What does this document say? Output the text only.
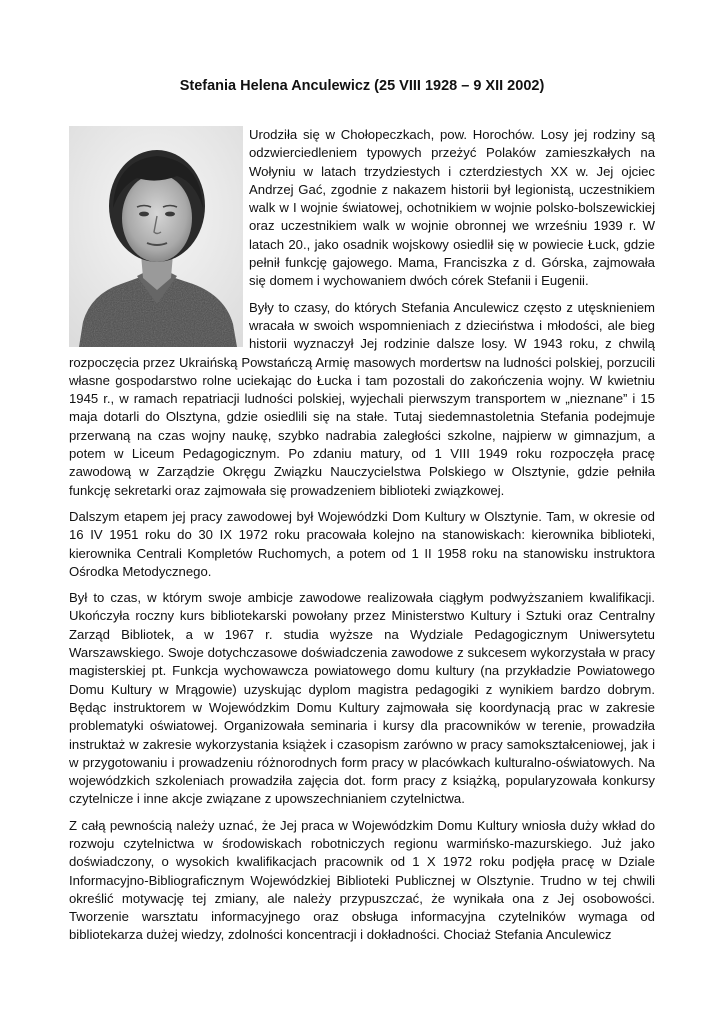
Stefania Helena Anculewicz (25 VIII 1928 – 9 XII 2002)

Urodziła się w Chołopeczkach, pow. Horochów. Losy jej rodziny są odzwierciedleniem typowych przeżyć Polaków zamieszkałych na Wołyniu w latach trzydziestych i czterdziestych XX w. Jej ojciec Andrzej Gać, zgodnie z nakazem historii był legionistą, uczestnikiem walk w I wojnie światowej, ochotnikiem w wojnie polsko-bolszewickiej oraz uczestnikiem walk w wojnie obronnej we wrześniu 1939 r. W latach 20., jako osadnik wojskowy osiedlił się w powiecie Łuck, gdzie pełnił funkcję gajowego. Mama, Franciszka z d. Górska, zajmowała się domem i wychowaniem dwóch córek Stefanii i Eugenii.

Były to czasy, do których Stefania Anculewicz często z utęsknieniem wracała w swoich wspomnieniach z dzieciństwa i młodości, ale bieg historii wyznaczył Jej rodzinie dalsze losy. W 1943 roku, z chwilą rozpoczęcia przez Ukraińską Powstańczą Armię masowych mordertsw na ludności polskiej, porzucili własne gospodarstwo rolne uciekając do Łucka i tam pozostali do zakończenia wojny. W kwietniu 1945 r., w ramach repatriacji ludności polskiej, wyjechali pierwszym transportem w „nieznane” i 15 maja dotarli do Olsztyna, gdzie osiedlili się na stałe. Tutaj siedemnastoletnia Stefania podejmuje przerwaną na czas wojny naukę, szybko nadrabia zaległości szkolne, najpierw w gimnazjum, a potem w Liceum Pedagogicznym. Po zdaniu matury, od 1 VIII 1949 roku rozpoczęła pracę zawodową w Zarządzie Okręgu Związku Nauczycielstwa Polskiego w Olsztynie, gdzie pełniła funkcję sekretarki oraz zajmowała się prowadzeniem biblioteki związkowej.

Dalszym etapem jej pracy zawodowej był Wojewódzki Dom Kultury w Olsztynie. Tam, w okresie od 16 IV 1951 roku do 30 IX 1972 roku pracowała kolejno na stanowiskach: kierownika biblioteki, kierownika Centrali Kompletów Ruchomych, a potem od 1 II 1958 roku na stanowisku instruktora Ośrodka Metodycznego.

Był to czas, w którym swoje ambicje zawodowe realizowała ciągłym podwyższaniem kwalifikacji. Ukończyła roczny kurs bibliotekarski powołany przez Ministerstwo Kultury i Sztuki oraz Centralny Zarząd Bibliotek, a w 1967 r. studia wyższe na Wydziale Pedagogicznym Uniwersytetu Warszawskiego. Swoje dotychczasowe doświadczenia zawodowe z sukcesem wykorzystała w pracy magisterskiej pt. Funkcja wychowawcza powiatowego domu kultury (na przykładzie Powiatowego Domu Kultury w Mrągowie) uzyskując dyplom magistra pedagogiki z wynikiem bardzo dobrym. Będąc instruktorem w Wojewódzkim Domu Kultury zajmowała się koordynacją prac w zakresie problematyki oświatowej. Organizowała seminaria i kursy dla pracowników w terenie, prowadziła instruktaż w zakresie wykorzystania książek i czasopism zarówno w pracy samokształceniowej, jak i w przygotowaniu i prowadzeniu różnorodnych form pracy w placówkach kulturalno-oświatowych. Na wojewódzkich szkoleniach prowadziła zajęcia dot. form pracy z książką, popularyzowała konkursy czytelnicze i inne akcje związane z upowszechnianiem czytelnictwa.

Z całą pewnością należy uznać, że Jej praca w Wojewódzkim Domu Kultury wniosła duży wkład do rozwoju czytelnictwa w środowiskach robotniczych regionu warmińsko-mazurskiego. Już jako doświadczony, o wysokich kwalifikacjach pracownik od 1 X 1972 roku podjęła pracę w Dziale Informacyjno-Bibliograficznym Wojewódzkiej Biblioteki Publicznej w Olsztynie. Trudno w tej chwili określić motywację tej zmiany, ale należy przypuszczać, że wynikała ona z Jej osobowości. Tworzenie warsztatu informacyjnego oraz obsługa informacyjna czytelników wymaga od bibliotekarza dużej wiedzy, zdolności koncentracji i dokładności. Chociaż Stefania Anculewicz
